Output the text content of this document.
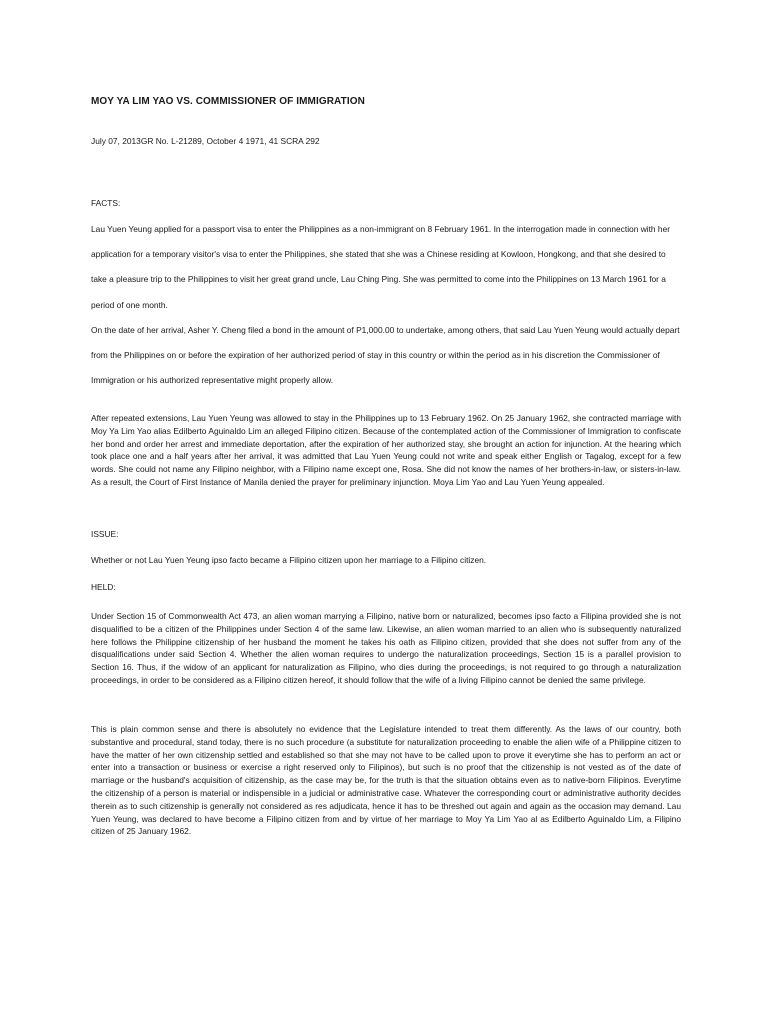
MOY YA LIM YAO VS. COMMISSIONER OF IMMIGRATION

July 07, 2013GR No. L-21289, October 4 1971, 41 SCRA 292

FACTS:

Lau Yuen Yeung applied for a passport visa to enter the Philippines as a non-immigrant on 8 February 1961. In the interrogation made in connection with her application for a temporary visitor's visa to enter the Philippines, she stated that she was a Chinese residing at Kowloon, Hongkong, and that she desired to take a pleasure trip to the Philippines to visit her great grand uncle, Lau Ching Ping. She was permitted to come into the Philippines on 13 March 1961 for a period of one month.

On the date of her arrival, Asher Y. Cheng filed a bond in the amount of P1,000.00 to undertake, among others, that said Lau Yuen Yeung would actually depart from the Philippines on or before the expiration of her authorized period of stay in this country or within the period as in his discretion the Commissioner of Immigration or his authorized representative might properly allow.

After repeated extensions, Lau Yuen Yeung was allowed to stay in the Philippines up to 13 February 1962. On 25 January 1962, she contracted marriage with Moy Ya Lim Yao alias Edilberto Aguinaldo Lim an alleged Filipino citizen. Because of the contemplated action of the Commissioner of Immigration to confiscate her bond and order her arrest and immediate deportation, after the expiration of her authorized stay, she brought an action for injunction. At the hearing which took place one and a half years after her arrival, it was admitted that Lau Yuen Yeung could not write and speak either English or Tagalog, except for a few words. She could not name any Filipino neighbor, with a Filipino name except one, Rosa. She did not know the names of her brothers-in-law, or sisters-in-law. As a result, the Court of First Instance of Manila denied the prayer for preliminary injunction. Moya Lim Yao and Lau Yuen Yeung appealed.

ISSUE:

Whether or not Lau Yuen Yeung ipso facto became a Filipino citizen upon her marriage to a Filipino citizen.

HELD:

Under Section 15 of Commonwealth Act 473, an alien woman marrying a Filipino, native born or naturalized, becomes ipso facto a Filipina provided she is not disqualified to be a citizen of the Philippines under Section 4 of the same law. Likewise, an alien woman married to an alien who is subsequently naturalized here follows the Philippine citizenship of her husband the moment he takes his oath as Filipino citizen, provided that she does not suffer from any of the disqualifications under said Section 4. Whether the alien woman requires to undergo the naturalization proceedings, Section 15 is a parallel provision to Section 16. Thus, if the widow of an applicant for naturalization as Filipino, who dies during the proceedings, is not required to go through a naturalization proceedings, in order to be considered as a Filipino citizen hereof, it should follow that the wife of a living Filipino cannot be denied the same privilege.

This is plain common sense and there is absolutely no evidence that the Legislature intended to treat them differently. As the laws of our country, both substantive and procedural, stand today, there is no such procedure (a substitute for naturalization proceeding to enable the alien wife of a Philippine citizen to have the matter of her own citizenship settled and established so that she may not have to be called upon to prove it everytime she has to perform an act or enter into a transaction or business or exercise a right reserved only to Filipinos), but such is no proof that the citizenship is not vested as of the date of marriage or the husband's acquisition of citizenship, as the case may be, for the truth is that the situation obtains even as to native-born Filipinos. Everytime the citizenship of a person is material or indispensible in a judicial or administrative case. Whatever the corresponding court or administrative authority decides therein as to such citizenship is generally not considered as res adjudicata, hence it has to be threshed out again and again as the occasion may demand. Lau Yuen Yeung, was declared to have become a Filipino citizen from and by virtue of her marriage to Moy Ya Lim Yao al as Edilberto Aguinaldo Lim, a Filipino citizen of 25 January 1962.
